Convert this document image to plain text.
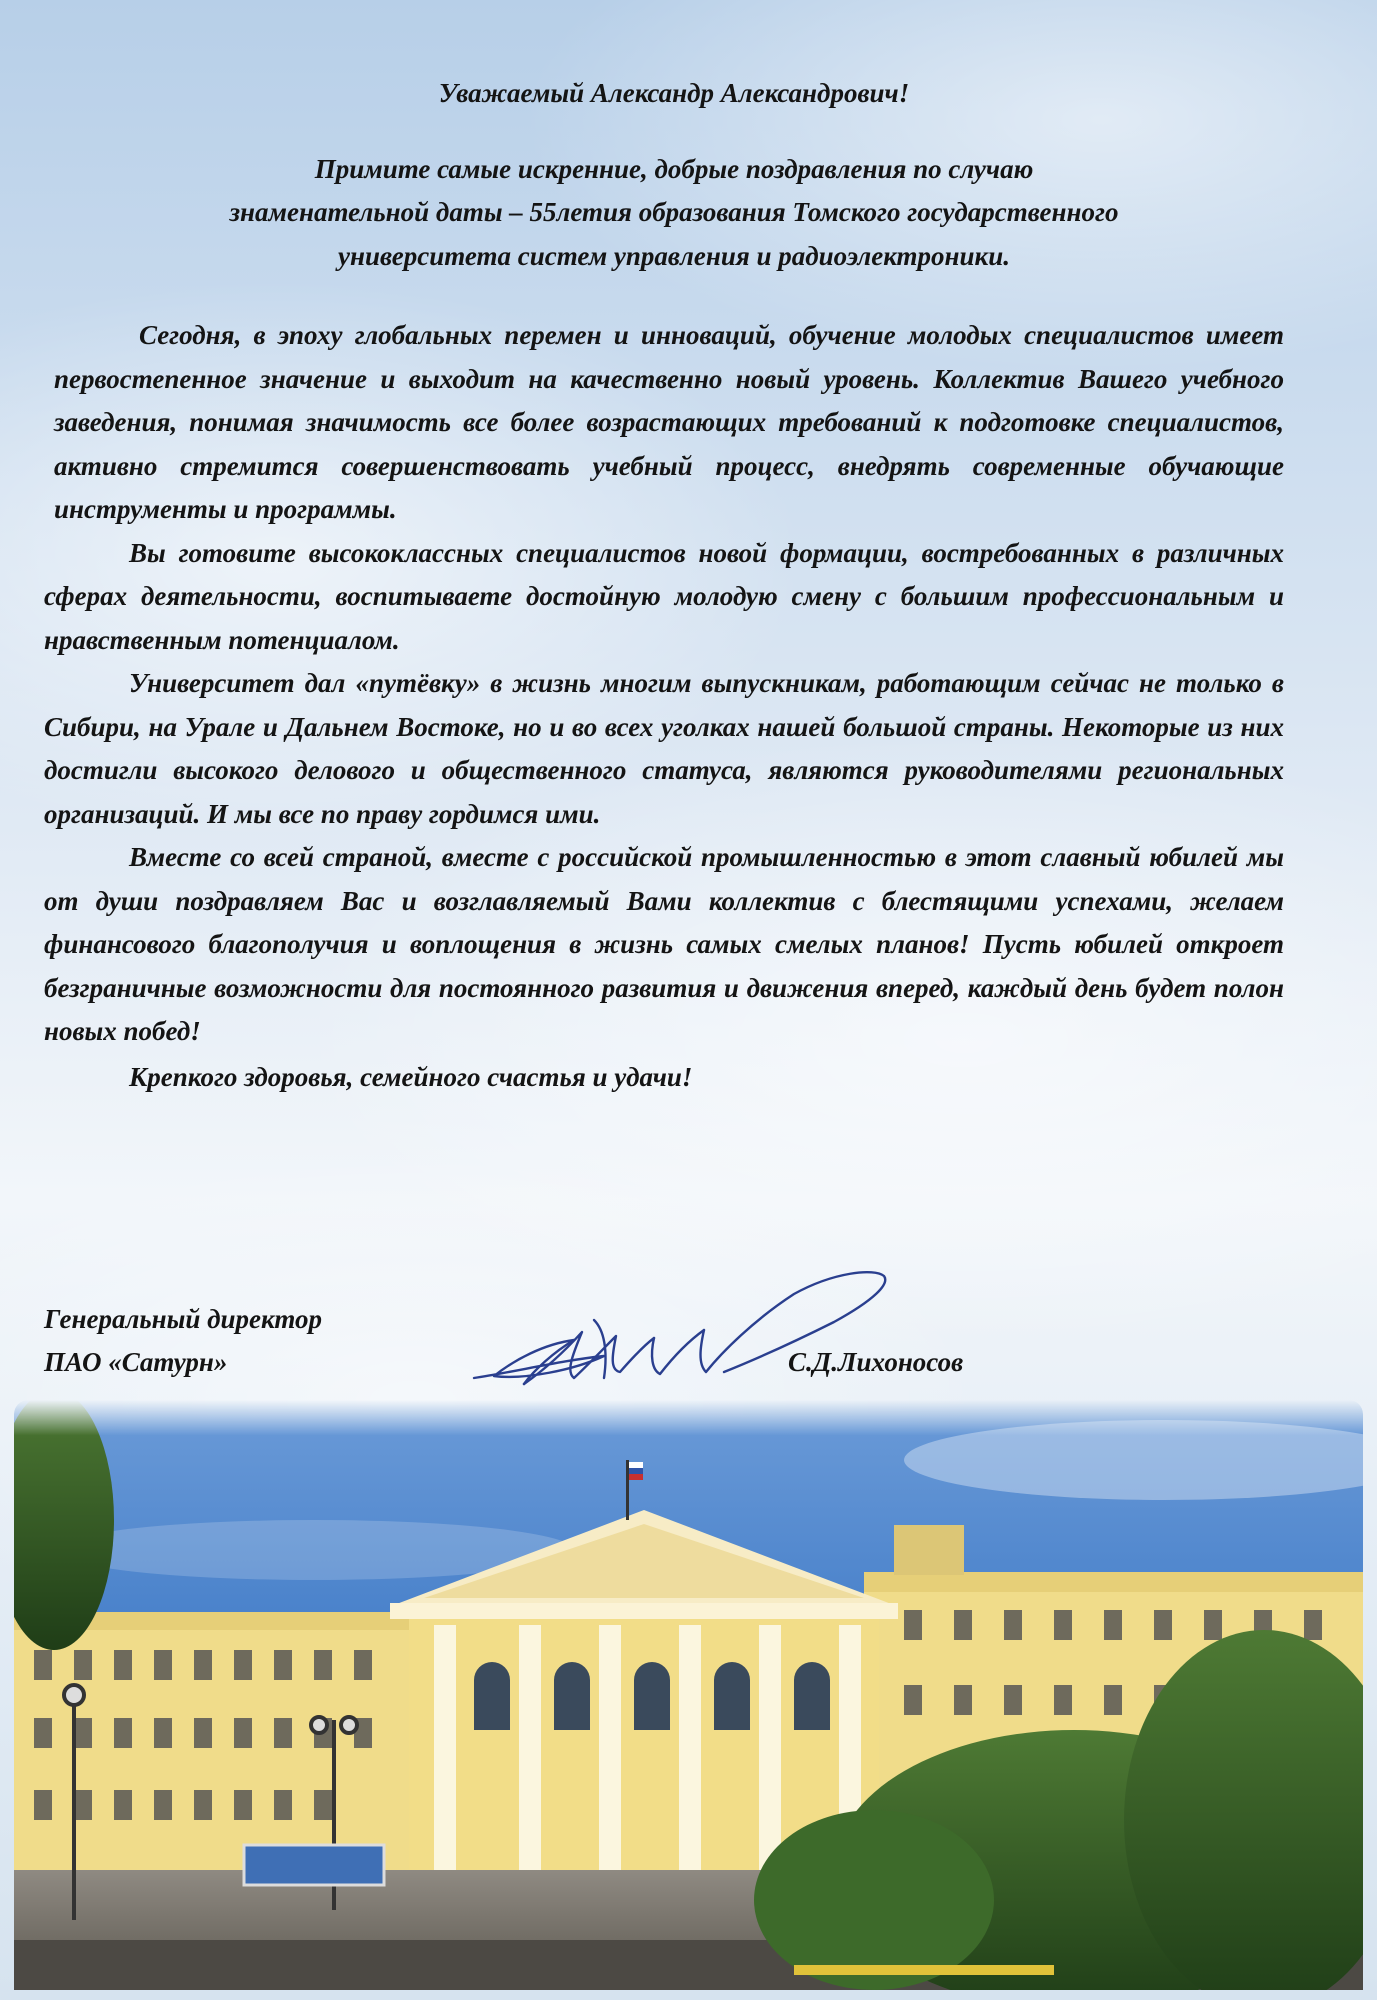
Уважаемый Александр Александрович!

Примите самые искренние, добрые поздравления по случаю
знаменательной даты – 55летия образования Томского государственного
университета систем управления и радиоэлектроники.

Сегодня, в эпоху глобальных перемен и инноваций, обучение молодых специалистов имеет первостепенное значение и выходит на качественно новый уровень. Коллектив Вашего учебного заведения, понимая значимость все более возрастающих требований к подготовке специалистов, активно стремится совершенствовать учебный процесс, внедрять современные обучающие инструменты и программы.

Вы готовите высококлассных специалистов новой формации, востребованных в различных сферах деятельности, воспитываете достойную молодую смену с большим профессиональным и нравственным потенциалом.

Университет дал «путёвку» в жизнь многим выпускникам, работающим сейчас не только в Сибири, на Урале и Дальнем Востоке, но и во всех уголках нашей большой страны. Некоторые из них достигли высокого делового и общественного статуса, являются руководителями региональных организаций. И мы все по праву гордимся ими.

Вместе со всей страной, вместе с российской промышленностью в этот славный юбилей мы от души поздравляем Вас и возглавляемый Вами коллектив с блестящими успехами, желаем финансового благополучия и воплощения в жизнь самых смелых планов! Пусть юбилей откроет безграничные возможности для постоянного развития и движения вперед, каждый день будет полон новых побед!

Крепкого здоровья, семейного счастья и удачи!

Генеральный директор
ПАО «Сатурн»	С.Д.Лихоносов
